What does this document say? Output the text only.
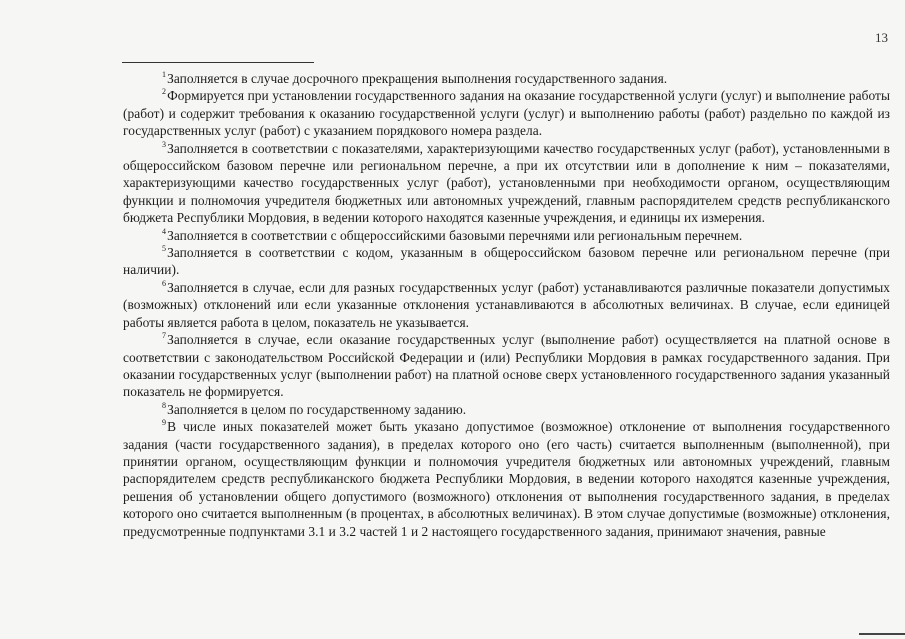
13

$^1$Заполняется в случае досрочного прекращения выполнения государственного задания.

$^2$Формируется при установлении государственного задания на оказание государственной услуги (услуг) и выполнение работы (работ) и содержит требования к оказанию государственной услуги (услуг) и выполнению работы (работ) раздельно по каждой из государственных услуг (работ) с указанием порядкового номера раздела.

$^3$Заполняется в соответствии с показателями, характеризующими качество государственных услуг (работ), установленными в общероссийском базовом перечне или региональном перечне, а при их отсутствии или в дополнение к ним – показателями, характеризующими качество государственных услуг (работ), установленными при необходимости органом, осуществляющим функции и полномочия учредителя бюджетных или автономных учреждений, главным распорядителем средств республиканского бюджета Республики Мордовия, в ведении которого находятся казенные учреждения, и единицы их измерения.

$^4$Заполняется в соответствии с общероссийскими базовыми перечнями или региональным перечнем.

$^5$Заполняется в соответствии с кодом, указанным в общероссийском базовом перечне или региональном перечне (при наличии).

$^6$Заполняется в случае, если для разных государственных услуг (работ) устанавливаются различные показатели допустимых (возможных) отклонений или если указанные отклонения устанавливаются в абсолютных величинах. В случае, если единицей работы является работа в целом, показатель не указывается.

$^7$Заполняется в случае, если оказание государственных услуг (выполнение работ) осуществляется на платной основе в соответствии с законодательством Российской Федерации и (или) Республики Мордовия в рамках государственного задания. При оказании государственных услуг (выполнении работ) на платной основе сверх установленного государственного задания указанный показатель не формируется.

$^8$Заполняется в целом по государственному заданию.

$^9$В числе иных показателей может быть указано допустимое (возможное) отклонение от выполнения государственного задания (части государственного задания), в пределах которого оно (его часть) считается выполненным (выполненной), при принятии органом, осуществляющим функции и полномочия учредителя бюджетных или автономных учреждений, главным распорядителем средств республиканского бюджета Республики Мордовия, в ведении которого находятся казенные учреждения, решения об установлении общего допустимого (возможного) отклонения от выполнения государственного задания, в пределах которого оно считается выполненным (в процентах, в абсолютных величинах). В этом случае допустимые (возможные) отклонения, предусмотренные подпунктами 3.1 и 3.2 частей 1 и 2 настоящего государственного задания, принимают значения, равные
